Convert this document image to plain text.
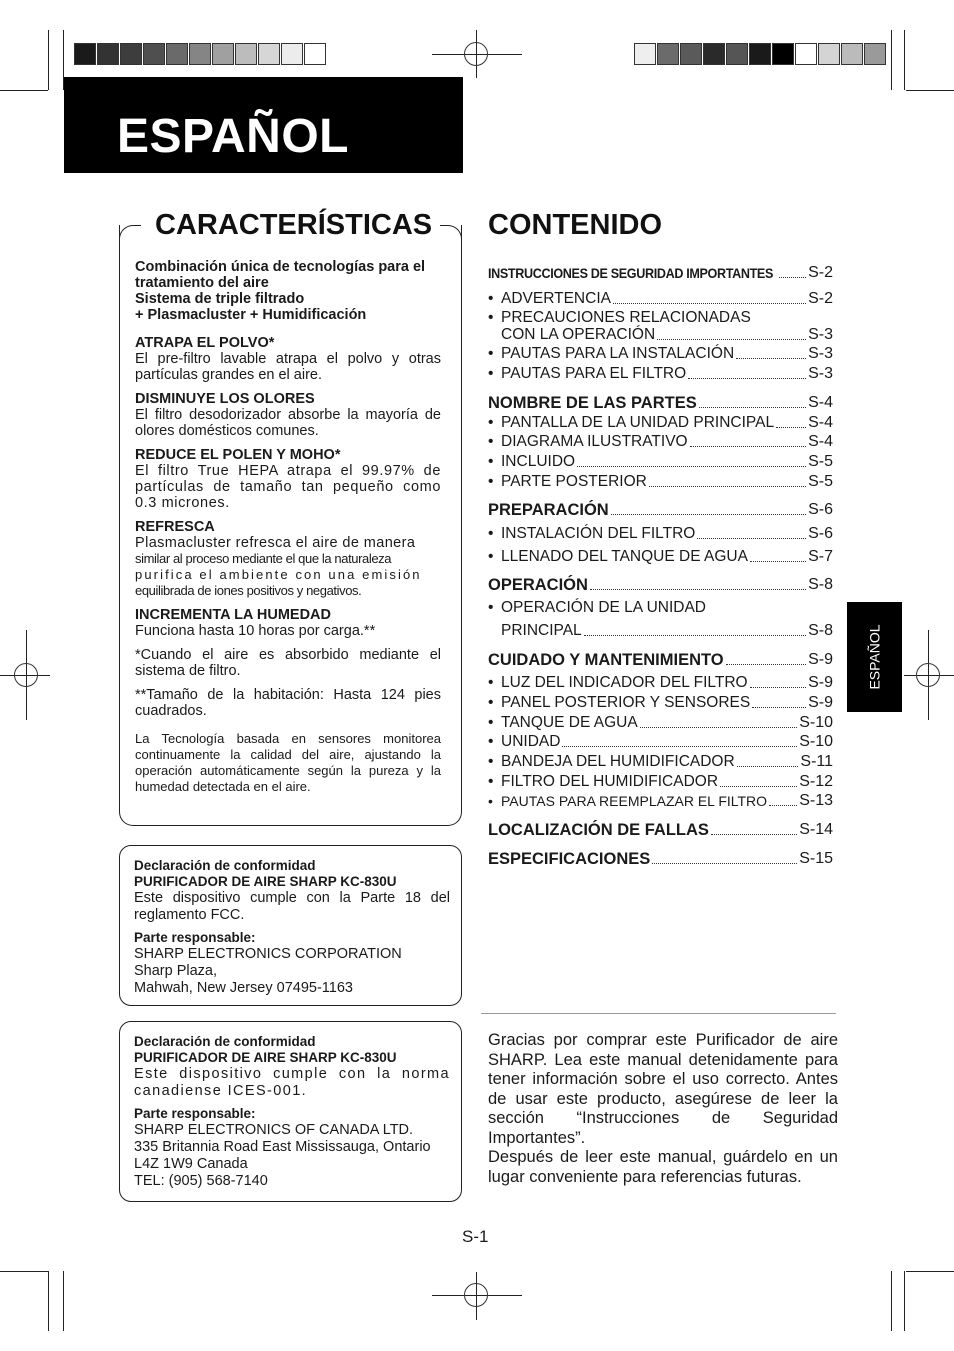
ESPAÑOL
CARACTERÍSTICAS

Combinación única de tecnologías para el tratamiento del aire

Sistema de triple filtrado

+ Plasmacluster + Humidificación

ATRAPA EL POLVO*

El pre-filtro lavable atrapa el polvo y otras partículas grandes en el aire.

DISMINUYE LOS OLORES

El filtro desodorizador absorbe la mayoría de olores domésticos comunes.

REDUCE EL POLEN Y MOHO*

El filtro True HEPA atrapa el 99.97% de partículas de tamaño tan pequeño como 0.3 micrones.

REFRESCA

Plasmacluster refresca el aire de manera

similar al proceso mediante el que la naturaleza

purifica el ambiente con una emisión

equilibrada de iones positivos y negativos.

INCREMENTA LA HUMEDAD

Funciona hasta 10 horas por carga.**

*Cuando el aire es absorbido mediante el sistema de filtro.

**Tamaño de la habitación: Hasta 124 pies cuadrados.

La Tecnología basada en sensores monitorea continuamente la calidad del aire, ajustando la operación automáticamente según la pureza y la humedad detectada en el aire.

Declaración de conformidad

PURIFICADOR DE AIRE SHARP KC-830U

Este dispositivo cumple con la Parte 18 del reglamento FCC.

Parte responsable:

SHARP ELECTRONICS CORPORATION

Sharp Plaza,

Mahwah, New Jersey 07495-1163

Declaración de conformidad

PURIFICADOR DE AIRE SHARP KC-830U

Este dispositivo cumple con la norma canadiense ICES-001.

Parte responsable:

SHARP ELECTRONICS OF CANADA LTD.

335 Britannia Road East Mississauga, Ontario

L4Z 1W9 Canada

TEL: (905) 568-7140

CONTENIDO
INSTRUCCIONES DE SEGURIDAD IMPORTANTES S-2
• ADVERTENCIA	S-2
• PRECAUCIONES RELACIONADAS
CON LA OPERACIÓN	S-3
• PAUTAS PARA LA INSTALACIÓN	S-3
• PAUTAS PARA EL FILTRO	S-3
NOMBRE DE LAS PARTES	S-4
• PANTALLA DE LA UNIDAD PRINCIPAL S-4
• DIAGRAMA ILUSTRATIVO	S-4
• INCLUIDO	S-5
• PARTE POSTERIOR	S-5
PREPARACIÓN	S-6
• INSTALACIÓN DEL FILTRO	S-6
• LLENADO DEL TANQUE DE AGUA	S-7
OPERACIÓN	S-8
• OPERACIÓN DE LA UNIDAD
PRINCIPAL	S-8
CUIDADO Y MANTENIMIENTO	S-9
• LUZ DEL INDICADOR DEL FILTRO	S-9
• PANEL POSTERIOR Y SENSORES	S-9
• TANQUE DE AGUA	S-10
• UNIDAD	S-10
• BANDEJA DEL HUMIDIFICADOR	S-11
• FILTRO DEL HUMIDIFICADOR	S-12
• PAUTAS PARA REEMPLAZAR EL FILTRO S-13
LOCALIZACIÓN DE FALLAS	S-14
ESPECIFICACIONES	S-15
ESPAÑOL

Gracias por comprar este Purificador de aire SHARP. Lea este manual detenidamente para tener información sobre el uso correcto. Antes de usar este producto, asegúrese de leer la sección “Instrucciones de Seguridad Importantes”.

Después de leer este manual, guárdelo en un lugar conveniente para referencias futuras.

S-1
